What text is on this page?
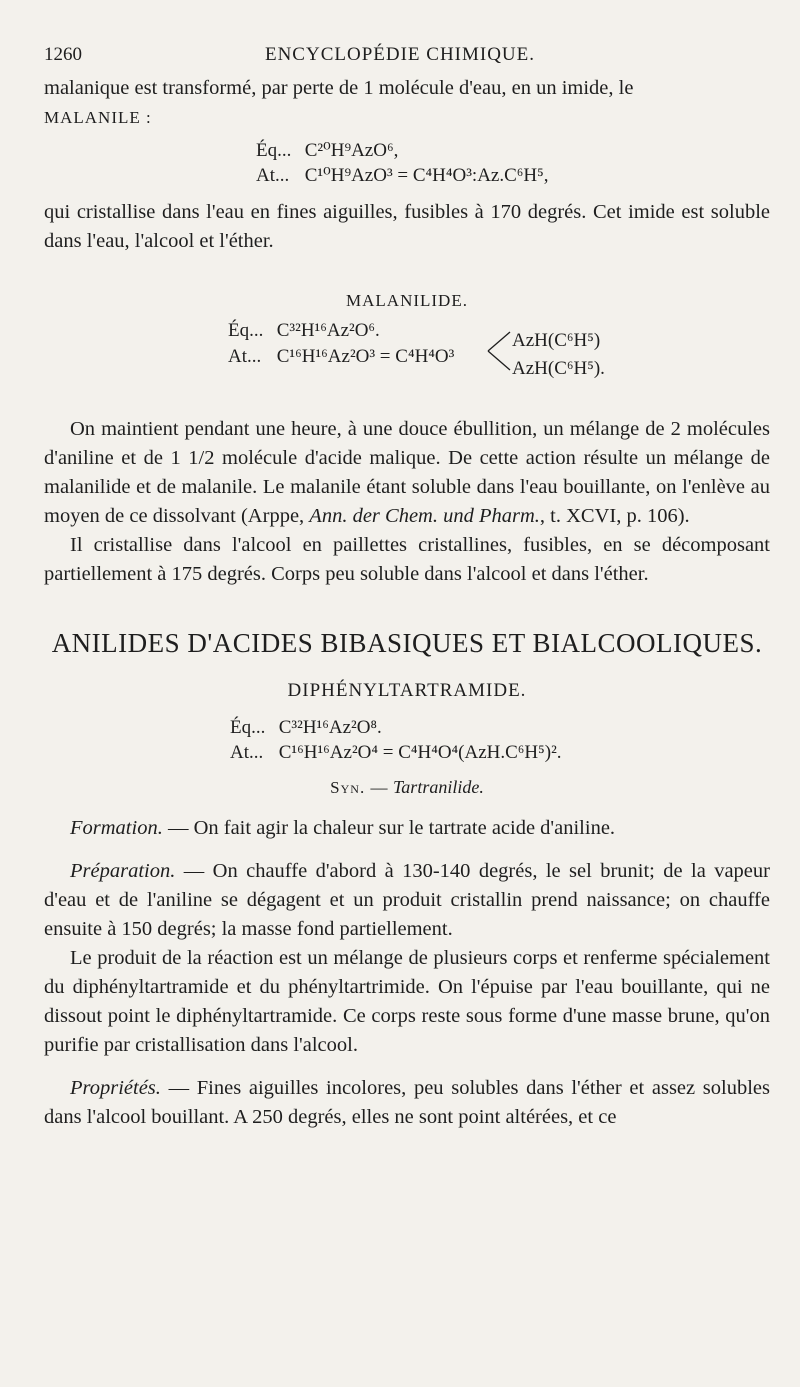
1260	ENCYCLOPÉDIE CHIMIQUE.

malanique est transformé, par perte de 1 molécule d'eau, en un imide, le
MALANILE :

Éq... C²⁰H⁹AzO⁶,
At... C¹⁰H⁹AzO³ = C⁴H⁴O³:Az.C⁶H⁵,

qui cristallise dans l'eau en fines aiguilles, fusibles à 170 degrés. Cet imide est soluble dans l'eau, l'alcool et l'éther.

MALANILIDE.
Éq... C³²H¹⁶Az²O⁶.
At... C¹⁶H¹⁶Az²O³ = C⁴H⁴O³
AzH(C⁶H⁵)
AzH(C⁶H⁵).

On maintient pendant une heure, à une douce ébullition, un mélange de 2 molécules d'aniline et de 1 1/2 molécule d'acide malique. De cette action résulte un mélange de malanilide et de malanile. Le malanile étant soluble dans l'eau bouillante, on l'enlève au moyen de ce dissolvant (Arppe, Ann. der Chem. und Pharm., t. XCVI, p. 106).

Il cristallise dans l'alcool en paillettes cristallines, fusibles, en se décomposant partiellement à 175 degrés. Corps peu soluble dans l'alcool et dans l'éther.

ANILIDES D'ACIDES BIBASIQUES ET BIALCOOLIQUES.
DIPHÉNYLTARTRAMIDE.
Éq... C³²H¹⁶Az²O⁸.
At... C¹⁶H¹⁶Az²O⁴ = C⁴H⁴O⁴(AzH.C⁶H⁵)².
Syn. — Tartranilide.

Formation. — On fait agir la chaleur sur le tartrate acide d'aniline.

Préparation. — On chauffe d'abord à 130-140 degrés, le sel brunit; de la vapeur d'eau et de l'aniline se dégagent et un produit cristallin prend naissance; on chauffe ensuite à 150 degrés; la masse fond partiellement.

Le produit de la réaction est un mélange de plusieurs corps et renferme spécialement du diphényltartramide et du phényltartrimide. On l'épuise par l'eau bouillante, qui ne dissout point le diphényltartramide. Ce corps reste sous forme d'une masse brune, qu'on purifie par cristallisation dans l'alcool.

Propriétés. — Fines aiguilles incolores, peu solubles dans l'éther et assez solubles dans l'alcool bouillant. A 250 degrés, elles ne sont point altérées, et ce
